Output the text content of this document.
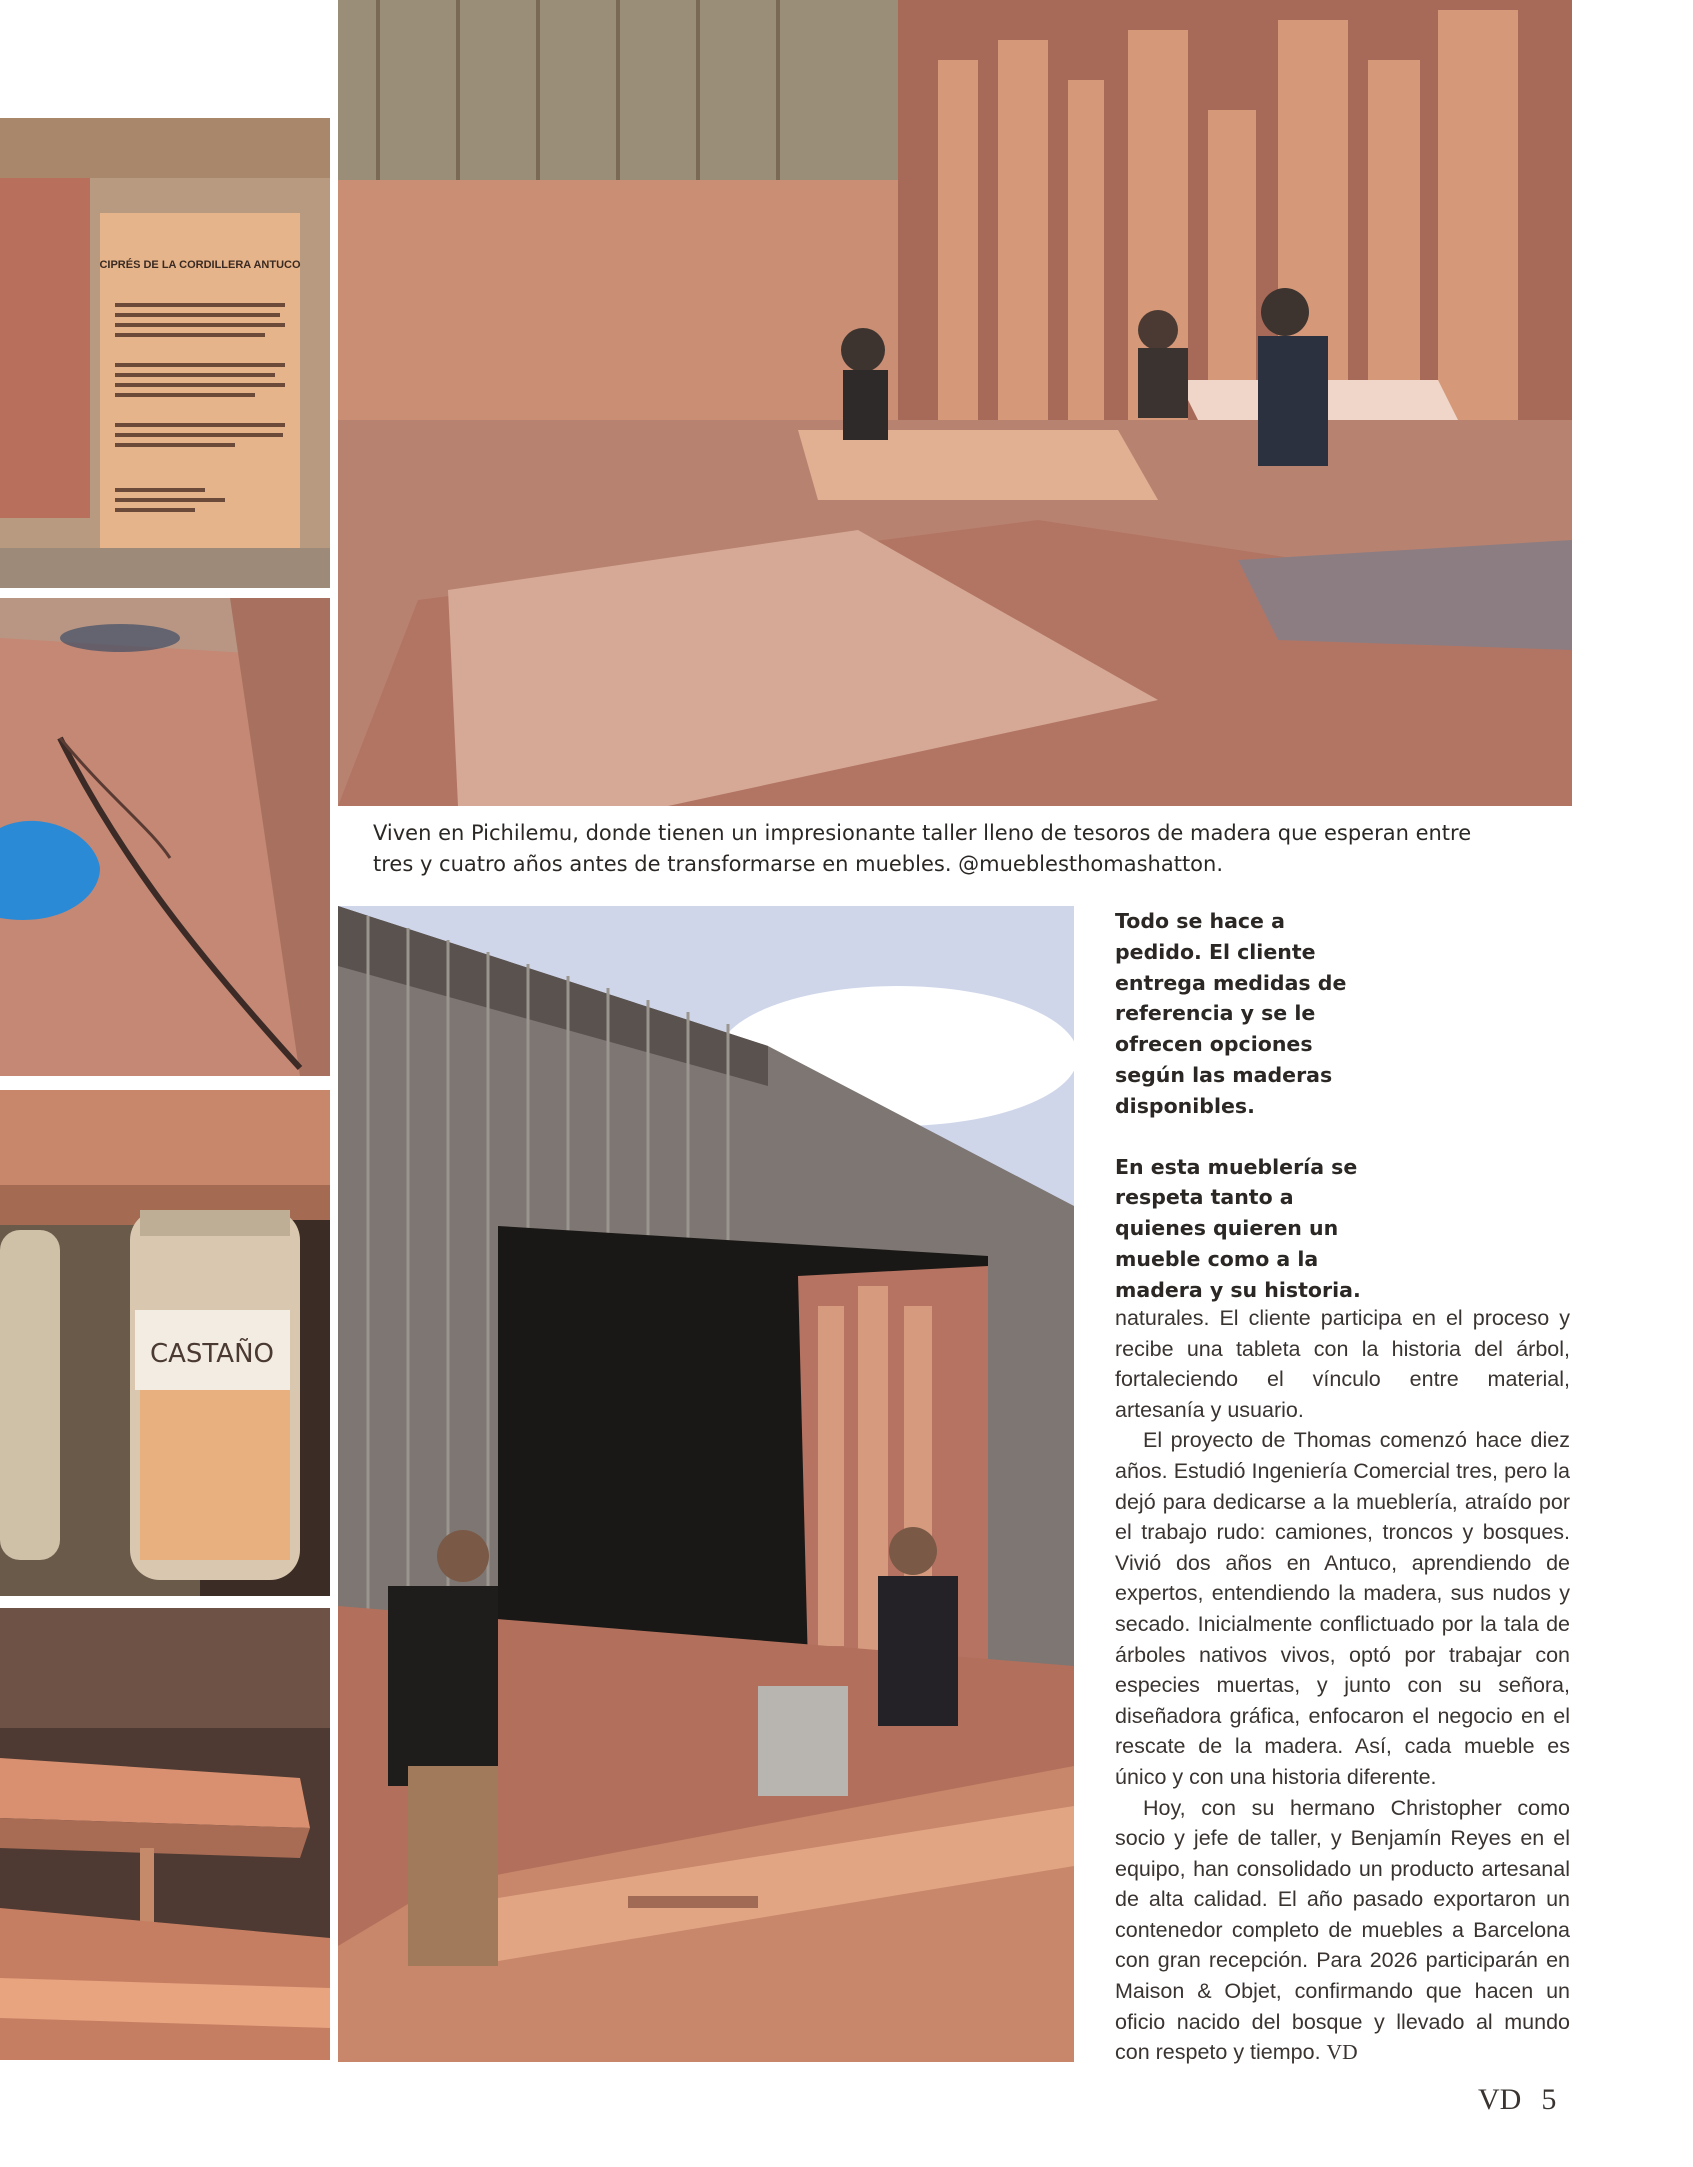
CIPRÉS DE LA CORDILLERA ANTUCO
CASTAÑO

Viven en Pichilemu, donde tienen un impresionante taller lleno de tesoros de madera que esperan entre tres y cuatro años antes de transformarse en muebles. @mueblesthomashatton.

Todo se hace a pedido. El cliente entrega medidas de referencia y se le ofrecen opciones según las maderas disponibles.

En esta mueblería se respeta tanto a quienes quieren un mueble como a la madera y su historia.

naturales. El cliente participa en el proceso y recibe una tableta con la historia del árbol, fortaleciendo el vínculo entre material, artesanía y usuario.

El proyecto de Thomas comenzó hace diez años. Estudió Ingeniería Comercial tres, pero la dejó para dedicarse a la mueblería, atraído por el trabajo rudo: camiones, troncos y bosques. Vivió dos años en Antuco, aprendiendo de expertos, entendiendo la madera, sus nudos y secado. Inicialmente conflictuado por la tala de árboles nativos vivos, optó por trabajar con especies muertas, y junto con su señora, diseñadora gráfica, enfocaron el negocio en el rescate de la madera. Así, cada mueble es único y con una historia diferente.

Hoy, con su hermano Christopher como socio y jefe de taller, y Benjamín Reyes en el equipo, han consolidado un producto artesanal de alta calidad. El año pasado exportaron un contenedor completo de muebles a Barcelona con gran recepción. Para 2026 participarán en Maison & Objet, confirmando que hacen un oficio nacido del bosque y llevado al mundo con respeto y tiempo. VD

VD 5
